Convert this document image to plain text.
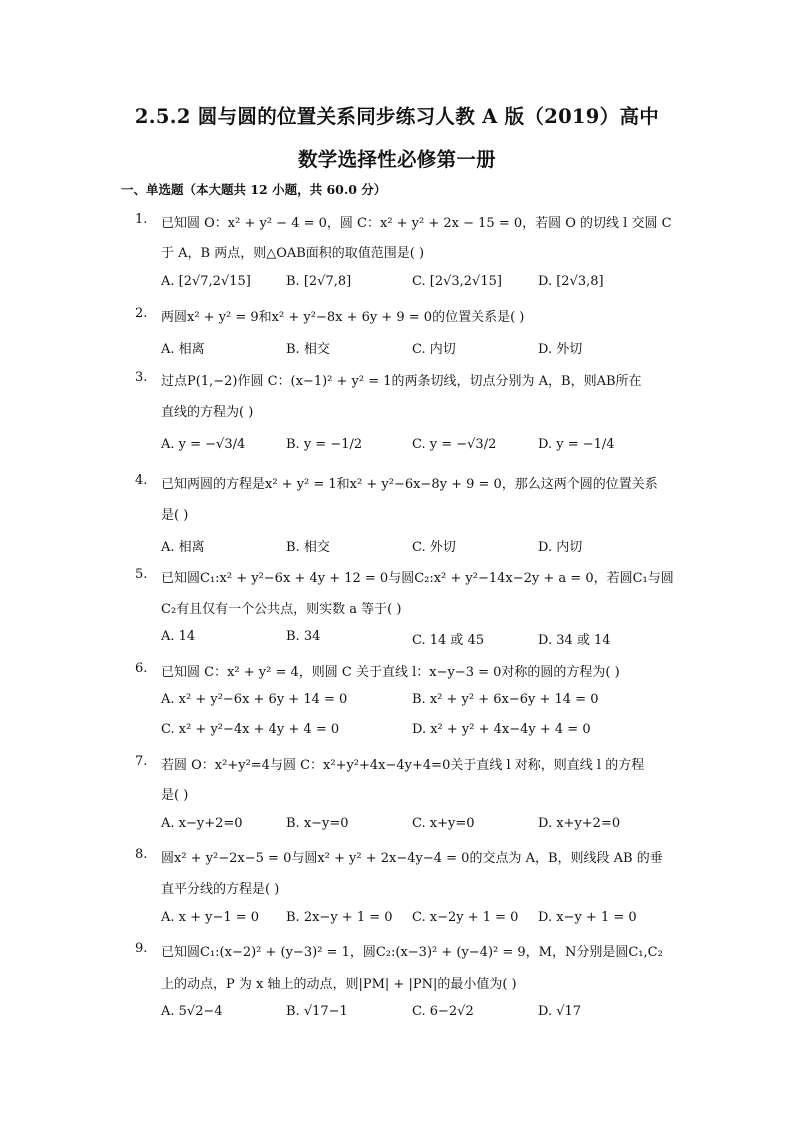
2.5.2 圆与圆的位置关系同步练习人教 A 版（2019）高中
数学选择性必修第一册
一、单选题（本大题共 12 小题，共 60.0 分）
1.	已知圆 O：x² + y² − 4 = 0，圆 C：x² + y² + 2x − 15 = 0，若圆 O 的切线 l 交圆 C
于 A，B 两点，则△OAB面积的取值范围是( )
A. [2√7,2√15]	B. [2√7,8]	C. [2√3,2√15]	D. [2√3,8]
2.	两圆x² + y² = 9和x² + y²−8x + 6y + 9 = 0的位置关系是( )
A. 相离	B. 相交	C. 内切	D. 外切
3.	过点P(1,−2)作圆 C：(x−1)² + y² = 1的两条切线，切点分别为 A，B，则AB所在
直线的方程为( )
A. y = −√3/4	B. y = −1/2	C. y = −√3/2	D. y = −1/4
4.	已知两圆的方程是x² + y² = 1和x² + y²−6x−8y + 9 = 0，那么这两个圆的位置关系
是( )
A. 相离	B. 相交	C. 外切	D. 内切
5.	已知圆C₁:x² + y²−6x + 4y + 12 = 0与圆C₂:x² + y²−14x−2y + a = 0，若圆C₁与圆
C₂有且仅有一个公共点，则实数 a 等于( )
A. 14	B. 34	C. 14 或 45	D. 34 或 14
6.	已知圆 C：x² + y² = 4，则圆 C 关于直线 l：x−y−3 = 0对称的圆的方程为( )
A. x² + y²−6x + 6y + 14 = 0	B. x² + y² + 6x−6y + 14 = 0
C. x² + y²−4x + 4y + 4 = 0	D. x² + y² + 4x−4y + 4 = 0
7.	若圆 O：x²+y²=4与圆 C：x²+y²+4x−4y+4=0关于直线 l 对称，则直线 l 的方程
是( )
A. x−y+2=0	B. x−y=0	C. x+y=0	D. x+y+2=0
8.	圆x² + y²−2x−5 = 0与圆x² + y² + 2x−4y−4 = 0的交点为 A，B，则线段 AB 的垂
直平分线的方程是( )
A. x + y−1 = 0 B. 2x−y + 1 = 0 C. x−2y + 1 = 0 D. x−y + 1 = 0
9.	已知圆C₁:(x−2)² + (y−3)² = 1，圆C₂:(x−3)² + (y−4)² = 9，M，N分别是圆C₁,C₂
上的动点，P 为 x 轴上的动点，则|PM| + |PN|的最小值为( )
A. 5√2−4	B. √17−1	C. 6−2√2	D. √17
